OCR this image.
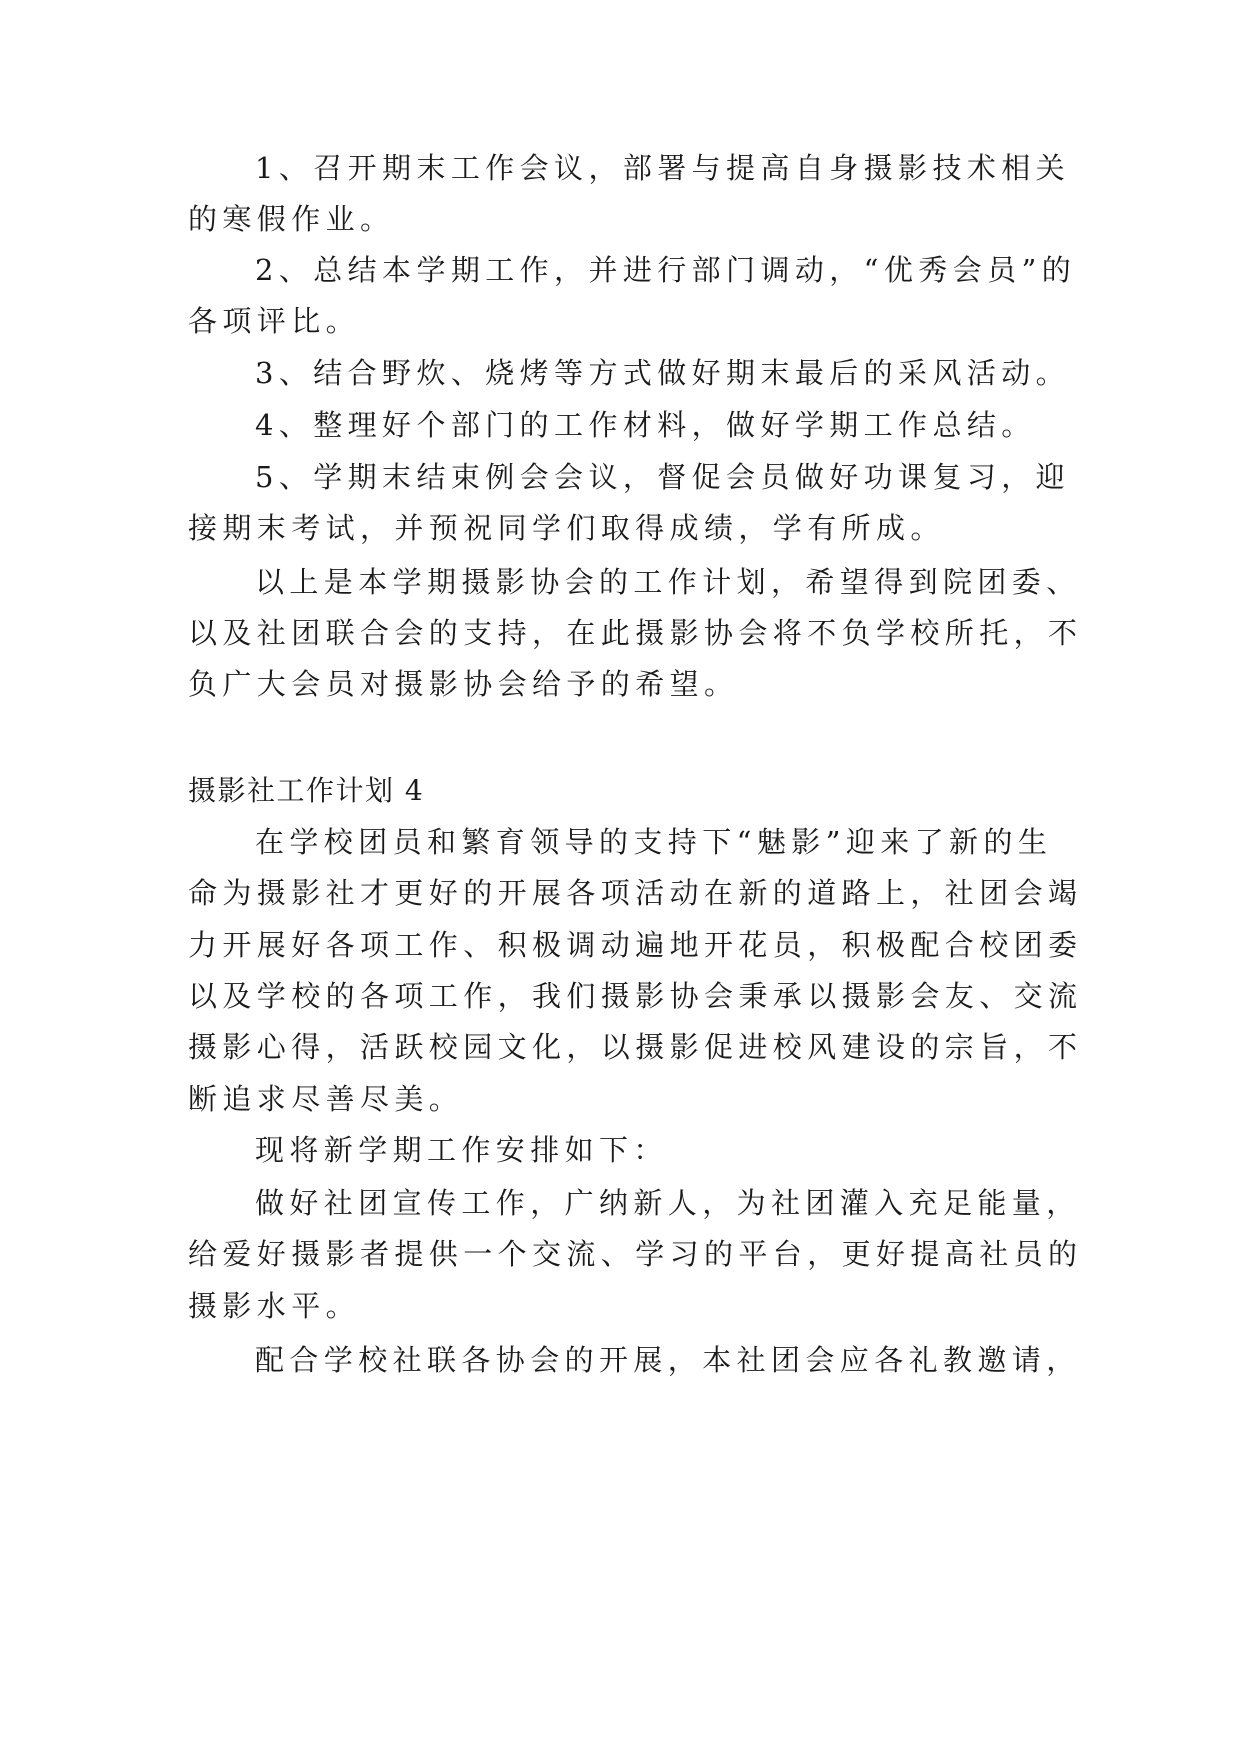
1、召开期末工作会议，部署与提高自身摄影技术相关
的寒假作业。
2、总结本学期工作，并进行部门调动，“优秀会员”的
各项评比。
3、结合野炊、烧烤等方式做好期末最后的采风活动。
4、整理好个部门的工作材料，做好学期工作总结。
5、学期末结束例会会议，督促会员做好功课复习，迎
接期末考试，并预祝同学们取得成绩，学有所成。
以上是本学期摄影协会的工作计划，希望得到院团委、
以及社团联合会的支持，在此摄影协会将不负学校所托，不
负广大会员对摄影协会给予的希望。
摄影社工作计划 4
在学校团员和繁育领导的支持下“魅影”迎来了新的生
命为摄影社才更好的开展各项活动在新的道路上，社团会竭
力开展好各项工作、积极调动遍地开花员，积极配合校团委
以及学校的各项工作，我们摄影协会秉承以摄影会友、交流
摄影心得，活跃校园文化，以摄影促进校风建设的宗旨，不
断追求尽善尽美。
现将新学期工作安排如下：
做好社团宣传工作，广纳新人，为社团灌入充足能量，
给爱好摄影者提供一个交流、学习的平台，更好提高社员的
摄影水平。
配合学校社联各协会的开展，本社团会应各礼教邀请，
